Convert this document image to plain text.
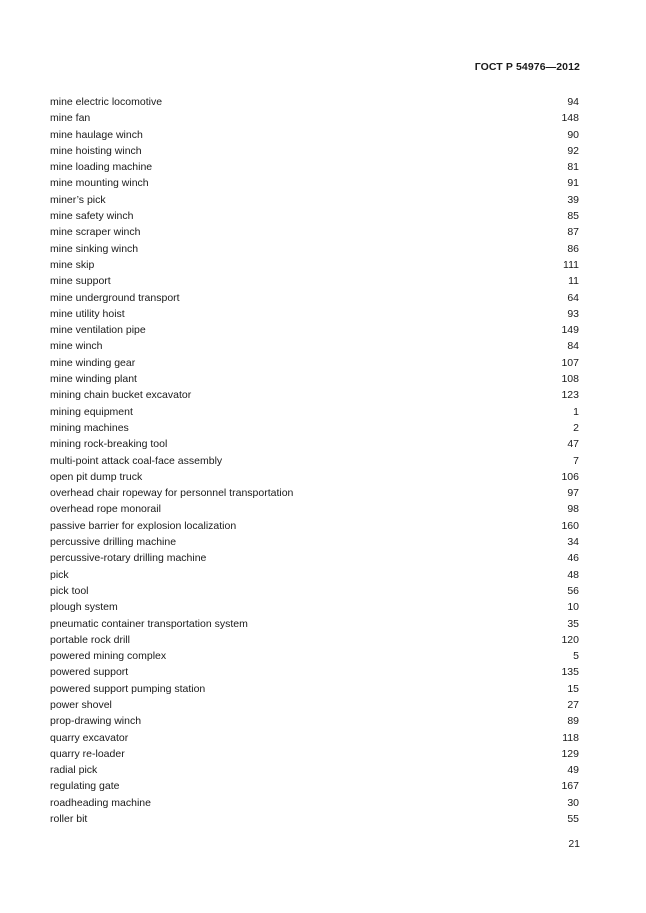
ГОСТ Р 54976—2012
mine electric locomotive	94
mine fan	148
mine haulage winch	90
mine hoisting winch	92
mine loading machine	81
mine mounting winch	91
miner’s pick	39
mine safety winch	85
mine scraper winch	87
mine sinking winch	86
mine skip	111
mine support	11
mine underground transport	64
mine utility hoist	93
mine ventilation pipe	149
mine winch	84
mine winding gear	107
mine winding plant	108
mining chain bucket excavator	123
mining equipment	1
mining machines	2
mining rock-breaking tool	47
multi-point attack coal-face assembly	7
open pit dump truck	106
overhead chair ropeway for personnel transportation	97
overhead rope monorail	98
passive barrier for explosion localization	160
percussive drilling machine	34
percussive-rotary drilling machine	46
pick	48
pick tool	56
plough system	10
pneumatic container transportation system	35
portable rock drill	120
powered mining complex	5
powered support	135
powered support pumping station	15
power shovel	27
prop-drawing winch	89
quarry excavator	118
quarry re-loader	129
radial pick	49
regulating gate	167
roadheading machine	30
roller bit	55
21
